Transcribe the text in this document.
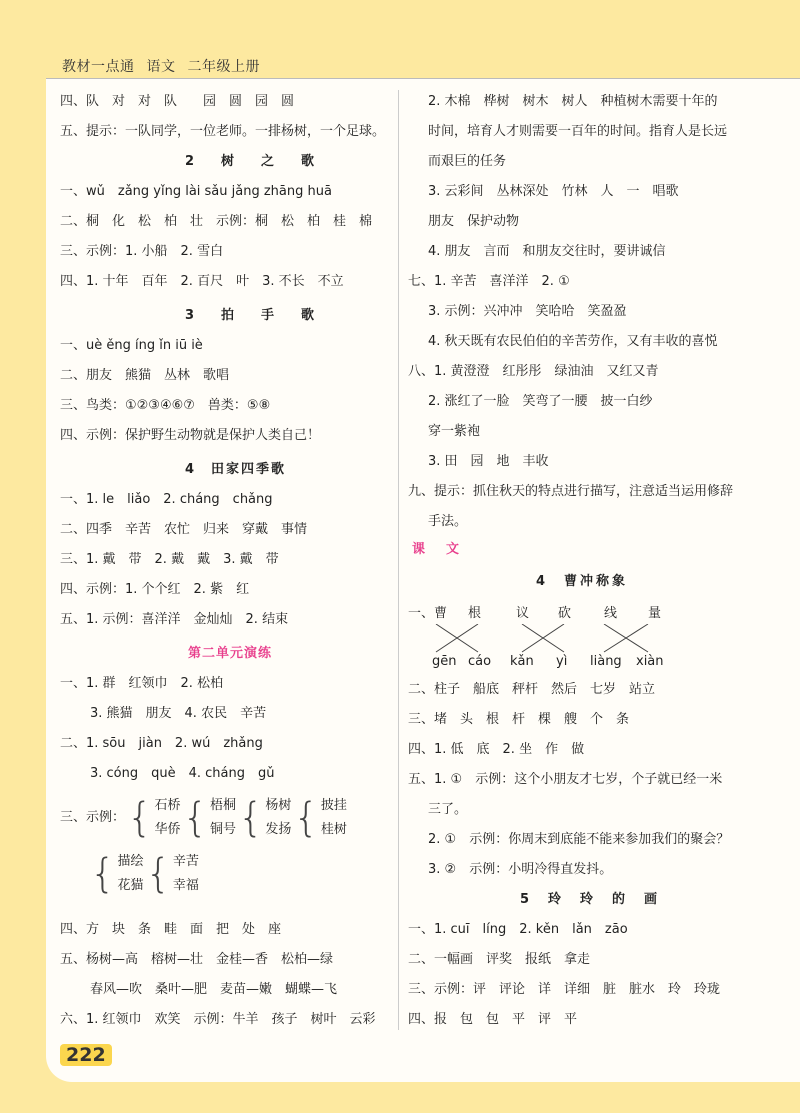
教材一点通 语文 二年级上册
四、队　对　对　队　　园　圆　园　圆
五、提示：一队同学，一位老师。一排杨树，一个足球。
2　树　之　歌
一、wǔ　zǎng yǐng lài sǎu jǎng zhāng huā
二、桐　化　松　柏　壮　示例：桐　松　柏　桂　棉
三、示例：1. 小船　2. 雪白
四、1. 十年　百年　2. 百尺　叶　3. 不长　不立
3　拍　手　歌
一、uè ěng íng ǐn iū iè
二、朋友　熊猫　丛林　歌唱
三、鸟类：①②③④⑥⑦　兽类：⑤⑧
四、示例：保护野生动物就是保护人类自己！
4　田家四季歌
一、1. le　liǎo　2. cháng　chǎng
二、四季　辛苦　农忙　归来　穿戴　事情
三、1. 戴　带　2. 戴　戴　3. 戴　带
四、示例：1. 个个红　2. 紫　红
五、1. 示例：喜洋洋　金灿灿　2. 结束
第二单元演练
一、1. 群　红领巾　2. 松柏
3. 熊猫　朋友　4. 农民　辛苦
二、1. sōu　jiàn　2. wú　zhǎng
3. cóng　què　4. cháng　gǔ
三、示例：{ 石桥
华侨 { 梧桐
铜号 { 杨树
发扬 { 披挂
桂树
{ 描绘
花猫 { 辛苦
幸福
四、方　块　条　畦　面　把　处　座
五、杨树—高　榕树—壮　金桂—香　松柏—绿
春风—吹　桑叶—肥　麦苗—嫩　蝴蝶—飞
六、1. 红领巾　欢笑　示例：牛羊　孩子　树叶　云彩
2. 木棉　桦树　树木　树人　种植树木需要十年的
时间，培育人才则需要一百年的时间。指育人是长远
而艰巨的任务
3. 云彩间　丛林深处　竹林　人　一　唱歌
朋友　保护动物
4. 朋友　言而　和朋友交往时，要讲诚信
七、1. 辛苦　喜洋洋　2. ①
3. 示例：兴冲冲　笑哈哈　笑盈盈
4. 秋天既有农民伯伯的辛苦劳作，又有丰收的喜悦
八、1. 黄澄澄　红彤彤　绿油油　又红又青
2. 涨红了一脸　笑弯了一腰　披一白纱
穿一紫袍
3. 田　园　地　丰收
九、提示：抓住秋天的特点进行描写，注意适当运用修辞
手法。
课　文
4　曹冲称象
一、曹 根	议 砍	线 量
gēn cáo kǎn yì liàng xiàn
二、柱子　船底　秤杆　然后　七岁　站立
三、堵　头　根　杆　棵　艘　个　条
四、1. 低　底　2. 坐　作　做
五、1. ①　示例：这个小朋友才七岁，个子就已经一米
三了。
2. ①　示例：你周末到底能不能来参加我们的聚会？
3. ②　示例：小明冷得直发抖。
5　玲　玲　的　画
一、1. cuī　líng　2. kěn　lǎn　zāo
二、一幅画　评奖　报纸　拿走
三、示例：评　评论　详　详细　脏　脏水　玲　玲珑
四、报　包　包　平　评　平
222
